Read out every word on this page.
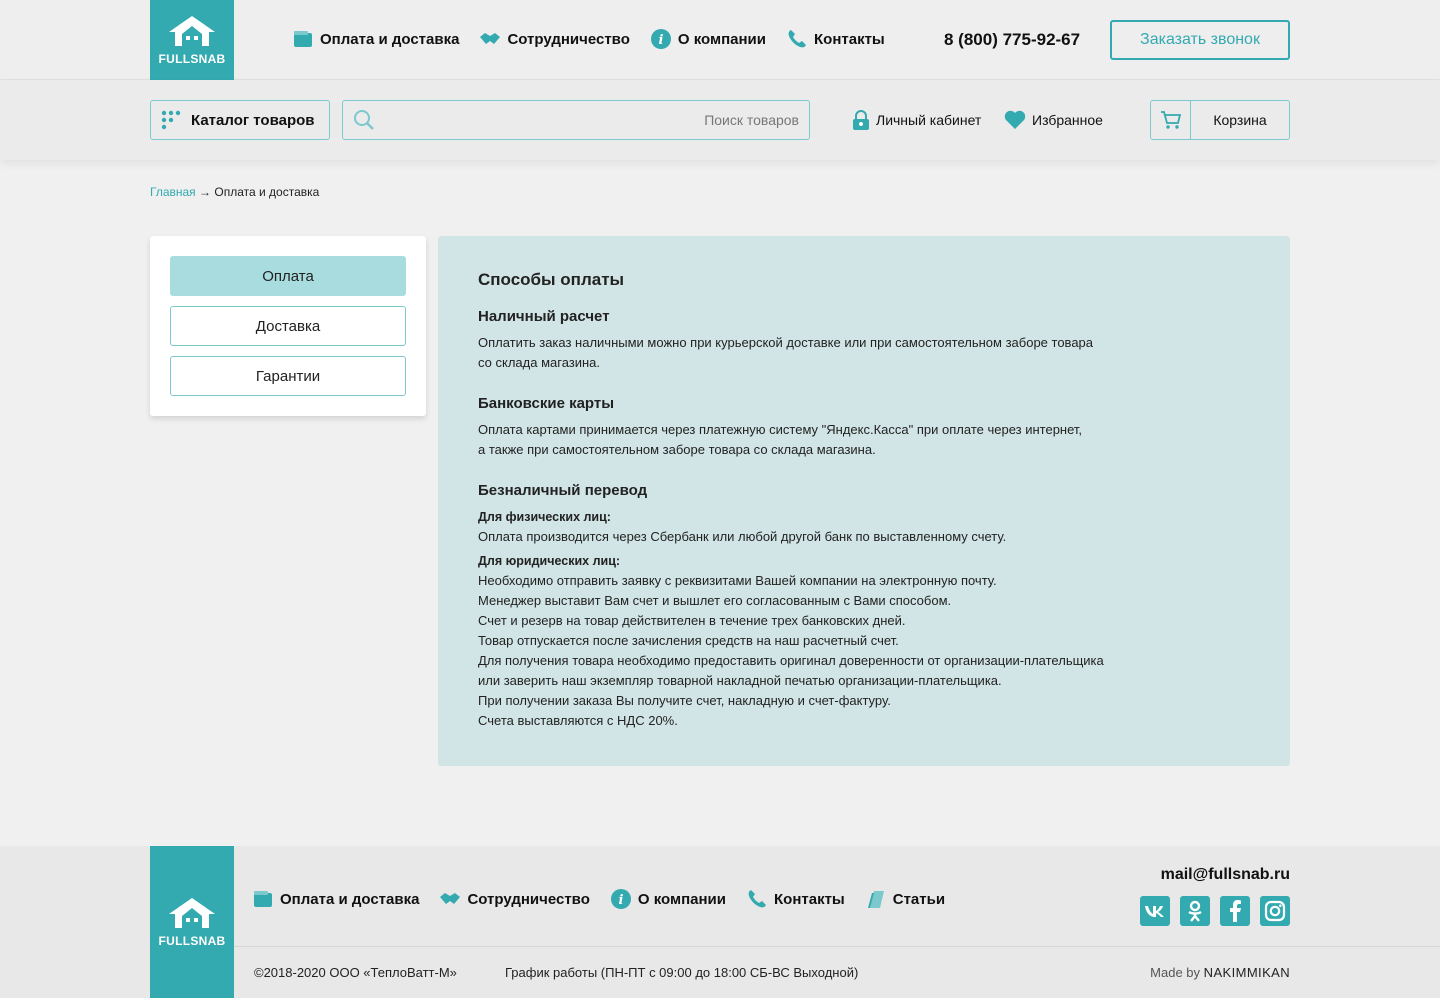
FULLSNAB
Оплата и доставка	Сотрудничество i О компании	Контакты	8 (800) 775-92-67	Заказать звонок
Каталог товаров
Поиск товаров	Личный кабинет	Избранное	Корзина
Главная → Оплата и доставка
Оплата
Доставка
Гарантии
Способы оплаты
Наличный расчет

Оплатить заказ наличными можно при курьерской доставке или при самостоятельном заборе товара

со склада магазина.

Банковские карты

Оплата картами принимается через платежную систему "Яндекс.Касса" при оплате через интернет,

а также при самостоятельном заборе товара со склада магазина.

Безналичный перевод
Для физических лиц:
Оплата производится через Сбербанк или любой другой банк по выставленному счету.
Для юридических лиц:
Необходимо отправить заявку с реквизитами Вашей компании на электронную почту.
Менеджер выставит Вам счет и вышлет его согласованным с Вами способом.
Счет и резерв на товар действителен в течение трех банковских дней.
Товар отпускается после зачисления средств на наш расчетный счет.
Для получения товара необходимо предоставить оригинал доверенности от организации-плательщика
или заверить наш экземпляр товарной накладной печатью организации-плательщика.
При получении заказа Вы получите счет, накладную и счет-фактуру.
Счета выставляются с НДС 20%.
FULLSNAB
Оплата и доставка	Сотрудничество i О компании	Контакты	Статьи
mail@fullsnab.ru
©2018-2020 ООО «ТеплоВатт-М»	График работы (ПН-ПТ с 09:00 до 18:00 СБ-ВС Выходной)	Made by NAKIMMIKAN
